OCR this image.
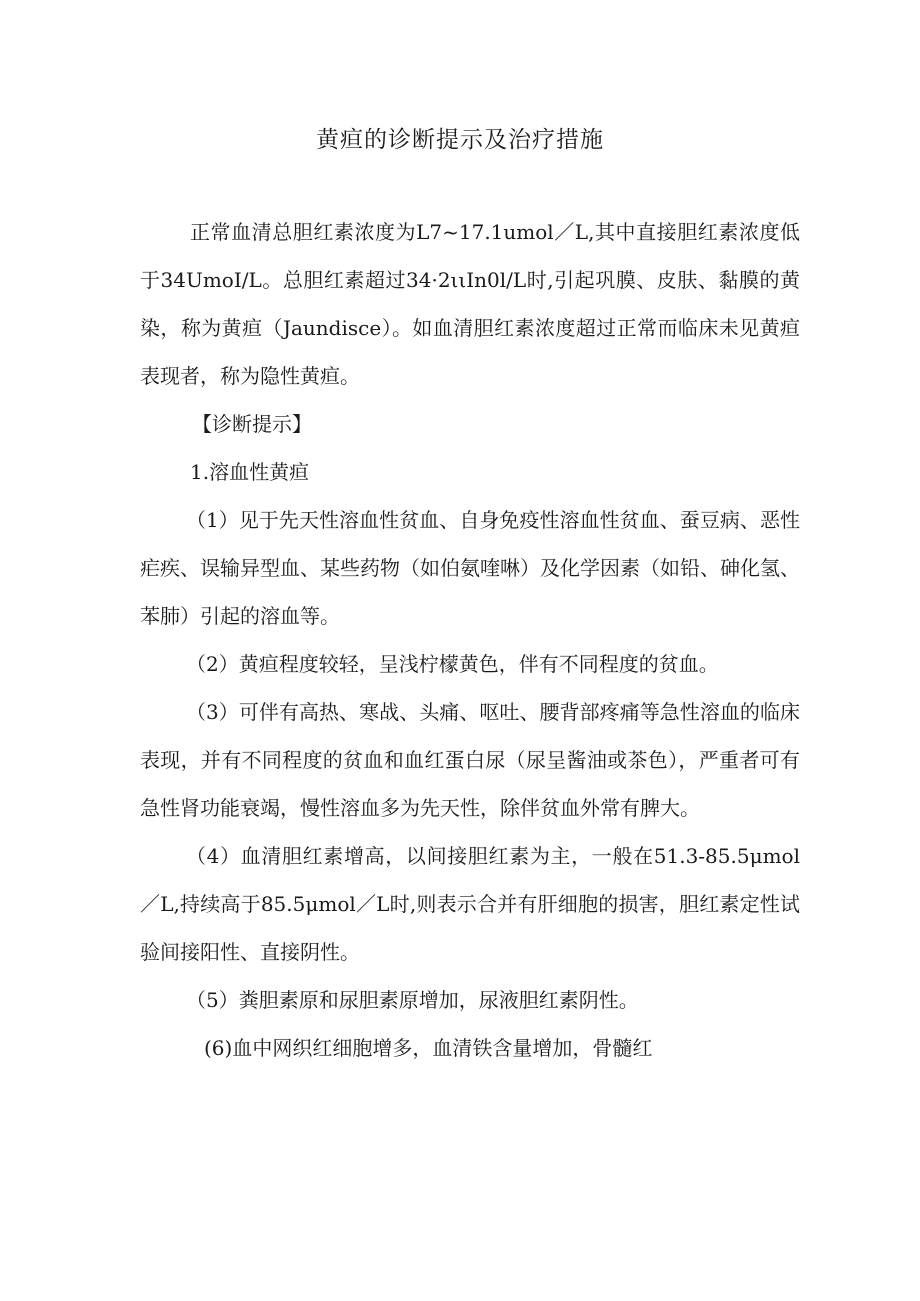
黄疸的诊断提示及治疗措施

正常血清总胆红素浓度为L7~17.1umol／L,其中直接胆红素浓度低于34UmoI/L。总胆红素超过34·2ιιIn0l/L时,引起巩膜、皮肤、黏膜的黄染，称为黄疸（Jaundisce）。如血清胆红素浓度超过正常而临床未见黄疸表现者，称为隐性黄疸。

【诊断提示】

1.溶血性黄疸

（1）见于先天性溶血性贫血、自身免疫性溶血性贫血、蚕豆病、恶性疟疾、误输异型血、某些药物（如伯氨喹啉）及化学因素（如铅、砷化氢、苯肺）引起的溶血等。

（2）黄疸程度较轻，呈浅柠檬黄色，伴有不同程度的贫血。

（3）可伴有高热、寒战、头痛、呕吐、腰背部疼痛等急性溶血的临床表现，并有不同程度的贫血和血红蛋白尿（尿呈酱油或茶色），严重者可有急性肾功能衰竭，慢性溶血多为先天性，除伴贫血外常有脾大。

（4）血清胆红素增高，以间接胆红素为主，一般在51.3-85.5μmol／L,持续高于85.5μmol／L时,则表示合并有肝细胞的损害，胆红素定性试验间接阳性、直接阴性。

（5）粪胆素原和尿胆素原增加，尿液胆红素阴性。

(6)血中网织红细胞增多，血清铁含量增加，骨髓红
